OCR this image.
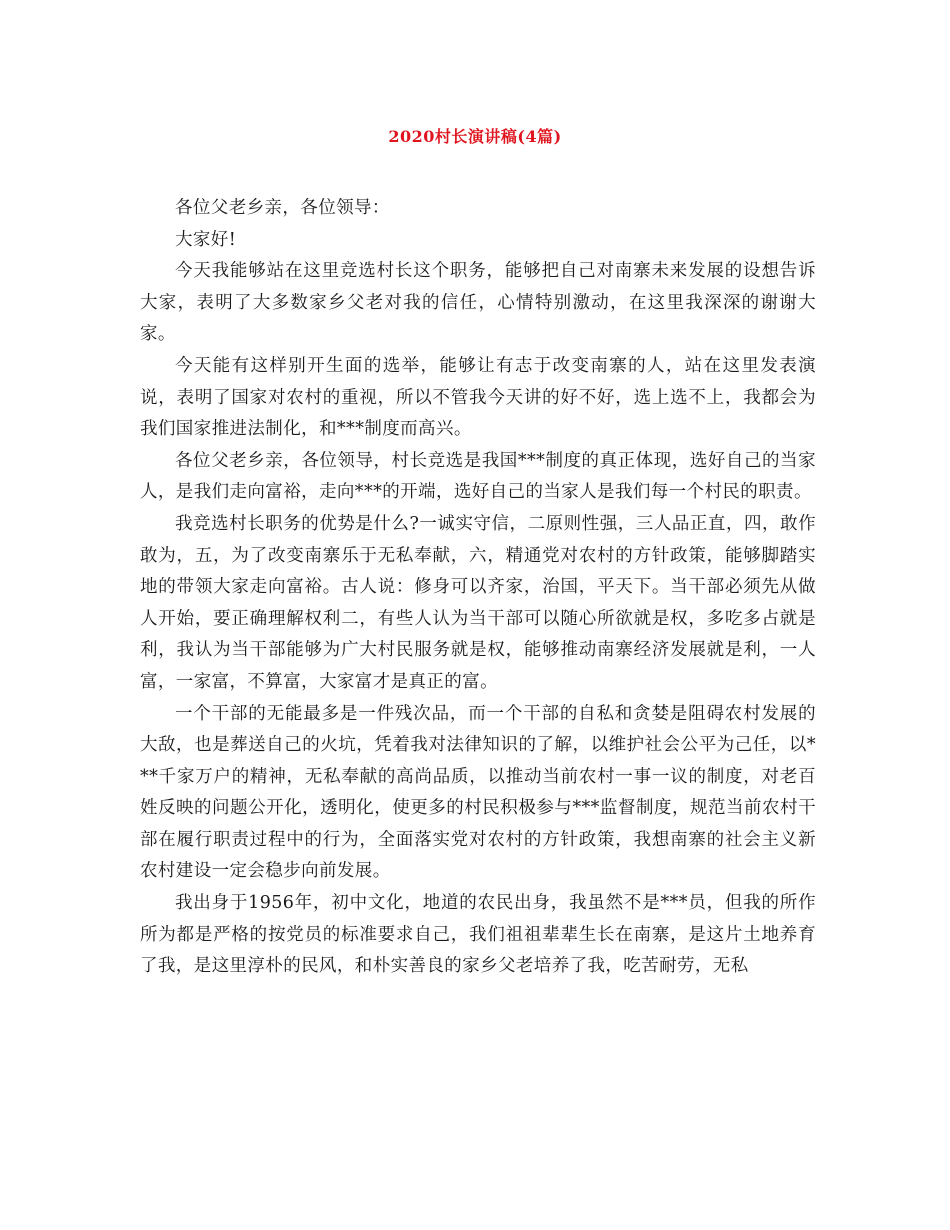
2020村长演讲稿(4篇)

各位父老乡亲，各位领导：

大家好!

今天我能够站在这里竞选村长这个职务，能够把自己对南寨未来发展的设想告诉大家，表明了大多数家乡父老对我的信任，心情特别激动，在这里我深深的谢谢大家。

今天能有这样别开生面的选举，能够让有志于改变南寨的人，站在这里发表演说，表明了国家对农村的重视，所以不管我今天讲的好不好，选上选不上，我都会为我们国家推进法制化，和***制度而高兴。

各位父老乡亲，各位领导，村长竞选是我国***制度的真正体现，选好自己的当家人，是我们走向富裕，走向***的开端，选好自己的当家人是我们每一个村民的职责。

我竞选村长职务的优势是什么?一诚实守信，二原则性强，三人品正直，四，敢作敢为，五，为了改变南寨乐于无私奉献，六，精通党对农村的方针政策，能够脚踏实地的带领大家走向富裕。古人说：修身可以齐家，治国，平天下。当干部必须先从做人开始，要正确理解权利二，有些人认为当干部可以随心所欲就是权，多吃多占就是利，我认为当干部能够为广大村民服务就是权，能够推动南寨经济发展就是利，一人富，一家富，不算富，大家富才是真正的富。

一个干部的无能最多是一件残次品，而一个干部的自私和贪婪是阻碍农村发展的大敌，也是葬送自己的火坑，凭着我对法律知识的了解，以维护社会公平为己任，以***千家万户的精神，无私奉献的高尚品质，以推动当前农村一事一议的制度，对老百姓反映的问题公开化，透明化，使更多的村民积极参与***监督制度，规范当前农村干部在履行职责过程中的行为，全面落实党对农村的方针政策，我想南寨的社会主义新农村建设一定会稳步向前发展。

我出身于1956年，初中文化，地道的农民出身，我虽然不是***员，但我的所作所为都是严格的按党员的标准要求自己，我们祖祖辈辈生长在南寨，是这片土地养育了我，是这里淳朴的民风，和朴实善良的家乡父老培养了我，吃苦耐劳，无私
